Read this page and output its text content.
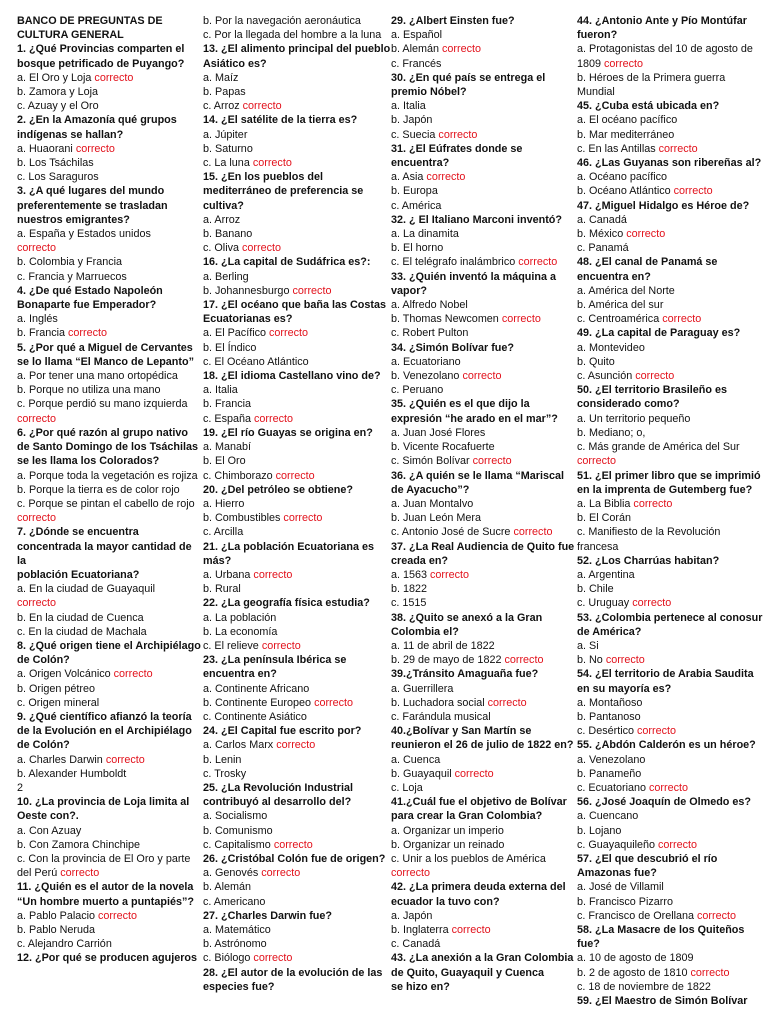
BANCO DE PREGUNTAS DE CULTURA GENERAL
1. ¿Qué Provincias comparten el bosque petrificado de Puyango?
a. El Oro y Loja correcto
b. Zamora y Loja
c. Azuay y el Oro
2. ¿En la Amazonía qué grupos indígenas se hallan?
a. Huaorani correcto
b. Los Tsáchilas
c. Los Saraguros
3. ¿A qué lugares del mundo preferentemente se trasladan nuestros emigrantes?
a. España y Estados unidos
correcto
b. Colombia y Francia
c. Francia y Marruecos
4. ¿De qué Estado Napoleón Bonaparte fue Emperador?
a. Inglés
b. Francia correcto
5. ¿Por qué a Miguel de Cervantes se lo llama “El Manco de Lepanto”
a. Por tener una mano ortopédica
b. Porque no utiliza una mano
c. Porque perdió su mano izquierda correcto
6. ¿Por qué razón al grupo nativo de Santo Domingo de los Tsáchilas se les llama los Colorados?
a. Porque toda la vegetación es rojiza
b. Porque la tierra es de color rojo
c. Porque se pintan el cabello de rojo correcto
7. ¿Dónde se encuentra concentrada la mayor cantidad de la
población Ecuatoriana?
a. En la ciudad de Guayaquil
correcto
b. En la ciudad de Cuenca
c. En la ciudad de Machala
8. ¿Qué origen tiene el Archipiélago de Colón?
a. Origen Volcánico correcto
b. Origen pétreo
c. Origen mineral
9. ¿Qué científico afianzó la teoría de la Evolución en el Archipiélago de Colón?
a. Charles Darwin correcto
b. Alexander Humboldt
2
10. ¿La provincia de Loja limita al Oeste con?.
a. Con Azuay
b. Con Zamora Chinchipe
c. Con la provincia de El Oro y parte del Perú correcto
11. ¿Quién es el autor de la novela “Un hombre muerto a puntapiés”?
a. Pablo Palacio correcto
b. Pablo Neruda
c. Alejandro Carrión
12. ¿Por qué se producen agujeros
b. Por la navegación aeronáutica
c. Por la llegada del hombre a la luna
13. ¿El alimento principal del pueblo Asiático es?
a. Maíz
b. Papas
c. Arroz correcto
14. ¿El satélite de la tierra es?
a. Júpiter
b. Saturno
c. La luna correcto
15. ¿En los pueblos del mediterráneo de preferencia se cultiva?
a. Arroz
b. Banano
c. Oliva correcto
16. ¿La capital de Sudáfrica es?:
a. Berling
b. Johannesburgo correcto
17. ¿El océano que baña las Costas Ecuatorianas es?
a. El Pacífico correcto
b. El Índico
c. El Océano Atlántico
18. ¿El idioma Castellano vino de?
a. Italia
b. Francia
c. España correcto
19. ¿El río Guayas se origina en?
a. Manabí
b. El Oro
c. Chimborazo correcto
20. ¿Del petróleo se obtiene?
a. Hierro
b. Combustibles correcto
c. Arcilla
21. ¿La población Ecuatoriana es más?
a. Urbana correcto
b. Rural
22. ¿La geografía física estudia?
a. La población
b. La economía
c. El relieve correcto
23. ¿La península Ibérica se encuentra en?
a. Continente Africano
b. Continente Europeo correcto
c. Continente Asiático
24. ¿El Capital fue escrito por?
a. Carlos Marx correcto
b. Lenin
c. Trosky
25. ¿La Revolución Industrial contribuyó al desarrollo del?
a. Socialismo
b. Comunismo
c. Capitalismo correcto
26. ¿Cristóbal Colón fue de origen?
a. Genovés correcto
b. Alemán
c. Americano
27. ¿Charles Darwin fue?
a. Matemático
b. Astrónomo
c. Biólogo correcto
28. ¿El autor de la evolución de las especies fue?
29. ¿Albert Einsten fue?
a. Español
b. Alemán correcto
c. Francés
30. ¿En qué país se entrega el premio Nóbel?
a. Italia
b. Japón
c. Suecia correcto
31. ¿El Eúfrates donde se encuentra?
a. Asia correcto
b. Europa
c. América
32. ¿ El Italiano Marconi inventó?
a. La dinamita
b. El horno
c. El telégrafo inalámbrico correcto
33. ¿Quién inventó la máquina a vapor?
a. Alfredo Nobel
b. Thomas Newcomen correcto
c. Robert Pulton
34. ¿Simón Bolívar fue?
a. Ecuatoriano
b. Venezolano correcto
c. Peruano
35. ¿Quién es el que dijo la expresión “he arado en el mar”?
a. Juan José Flores
b. Vicente Rocafuerte
c. Simón Bolívar correcto
36. ¿A quién se le llama “Mariscal de Ayacucho”?
a. Juan Montalvo
b. Juan León Mera
c. Antonio José de Sucre correcto
37. ¿La Real Audiencia de Quito fue creada en?
a. 1563 correcto
b. 1822
c. 1515
38. ¿Quito se anexó a la Gran Colombia el?
a. 11 de abril de 1822
b. 29 de mayo de 1822 correcto
39.¿Tránsito Amaguaña fue?
a. Guerrillera
b. Luchadora social correcto
c. Farándula musical
40.¿Bolívar y San Martín se reunieron el 26 de julio de 1822 en?
a. Cuenca
b. Guayaquil correcto
c. Loja
41.¿Cuál fue el objetivo de Bolívar para crear la Gran Colombia?
a. Organizar un imperio
b. Organizar un reinado
c. Unir a los pueblos de América
correcto
42. ¿La primera deuda externa del ecuador la tuvo con?
a. Japón
b. Inglaterra correcto
c. Canadá
43. ¿La anexión a la Gran Colombia de Quito, Guayaquil y Cuenca
se hizo en?
44. ¿Antonio Ante y Pío Montúfar fueron?
a. Protagonistas del 10 de agosto de 1809 correcto
b. Héroes de la Primera guerra Mundial
45. ¿Cuba está ubicada en?
a. El océano pacífico
b. Mar mediterráneo
c. En las Antillas correcto
46. ¿Las Guyanas son ribereñas al?
a. Océano pacífico
b. Océano Atlántico correcto
47. ¿Miguel Hidalgo es Héroe de?
a. Canadá
b. México correcto
c. Panamá
48. ¿El canal de Panamá se encuentra en?
a. América del Norte
b. América del sur
c. Centroamérica correcto
49. ¿La capital de Paraguay es?
a. Montevideo
b. Quito
c. Asunción correcto
50. ¿El territorio Brasileño es considerado como?
a. Un territorio pequeño
b. Mediano; o,
c. Más grande de América del Sur
correcto
51. ¿El primer libro que se imprimió en la imprenta de Gutemberg fue?
a. La Biblia correcto
b. El Corán
c. Manifiesto de la Revolución francesa
52. ¿Los Charrúas habitan?
a. Argentina
b. Chile
c. Uruguay correcto
53. ¿Colombia pertenece al conosur de América?
a. Si
b. No correcto
54. ¿El territorio de Arabia Saudita en su mayoría es?
a. Montañoso
b. Pantanoso
c. Desértico correcto
55. ¿Abdón Calderón es un héroe?
a. Venezolano
b. Panameño
c. Ecuatoriano correcto
56. ¿José Joaquín de Olmedo es?
a. Cuencano
b. Lojano
c. Guayaquileño correcto
57. ¿El que descubrió el río Amazonas fue?
a. José de Villamil
b. Francisco Pizarro
c. Francisco de Orellana correcto
58. ¿La Masacre de los Quiteños fue?
a. 10 de agosto de 1809
b. 2 de agosto de 1810 correcto
c. 18 de noviembre de 1822
59. ¿El Maestro de Simón Bolívar
